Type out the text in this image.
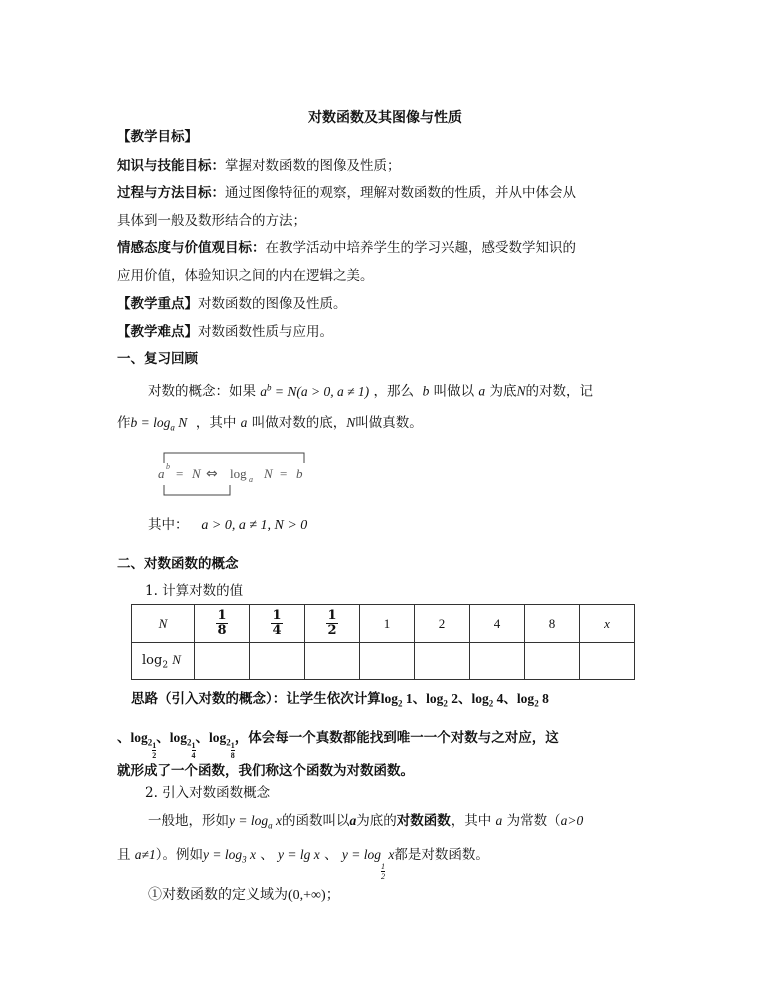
对数函数及其图像与性质
【教学目标】
知识与技能目标：掌握对数函数的图像及性质；
过程与方法目标：通过图像特征的观察，理解对数函数的性质，并从中体会从
具体到一般及数形结合的方法；
情感态度与价值观目标：在教学活动中培养学生的学习兴趣，感受数学知识的
应用价值，体验知识之间的内在逻辑之美。
【教学重点】对数函数的图像及性质。
【教学难点】对数函数性质与应用。
一、复习回顾
对数的概念：如果 $a^b = N(a > 0$, a ≠ 1) ，那么 b 叫做以 a 为底N的对数，记
作$b = \log_a N$ ，其中 a 叫做对数的底，N叫做真数。
a b = N ⇔ log a N = b
其中： a > 0, a ≠ 1, N > 0
二、对数函数的概念
1. 计算对数的值
N	$\frac{1}{8}$	$\frac{1}{4}$	$\frac{1}{2}$	1	2	4	8	x
$\log_2 N$								
思路（引入对数的概念）：让学生依次计算$\log_2 1$、$\log_2 2$、$\log_2 4$、$\log_2 8$
、$\log_2 \frac{1}{2}$
、$\log_2 \frac{1}{4}$
、$\log_2 \frac{1}{8}$
，体会每一个真数都能找到唯一一个对数与之对应，这
就形成了一个函数，我们称这个函数为对数函数。
2. 引入对数函数概念
一般地，形如$y = \log_a x$的函数叫以a为底的对数函数，其中 a 为常数（a>0
且 a≠1）。例如$y = \log_3 x$ 、 y = lg x 、 y = log
$\frac{1}{2}$
x都是对数函数。
①对数函数的定义域为(0,+∞)；
